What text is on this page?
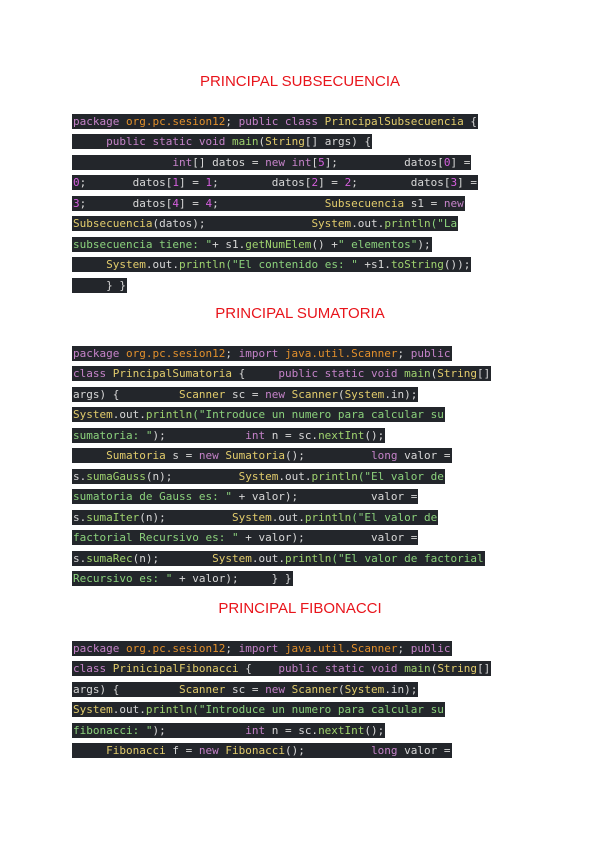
PRINCIPAL SUBSECUENCIA
package org.pc.sesion12; public class PrincipalSubsecuencia {
public static void main(String[] args) {
int[] datos = new int[5];          datos[0] =
0;       datos[1] = 1;        datos[2] = 2;        datos[3] =
3;       datos[4] = 4;                Subsecuencia s1 = new
Subsecuencia(datos);                System.out.println("La
subsecuencia tiene: "+ s1.getNumElem() +" elementos");
System.out.println("El contenido es: " +s1.toString());
} }
PRINCIPAL SUMATORIA
package org.pc.sesion12; import java.util.Scanner; public
class PrincipalSumatoria {     public static void main(String[]
args) {         Scanner sc = new Scanner(System.in);
System.out.println("Introduce un numero para calcular su
sumatoria: ");            int n = sc.nextInt();
Sumatoria s = new Sumatoria();          long valor =
s.sumaGauss(n);          System.out.println("El valor de
sumatoria de Gauss es: " + valor);           valor =
s.sumaIter(n);          System.out.println("El valor de
factorial Recursivo es: " + valor);          valor =
s.sumaRec(n);        System.out.println("El valor de factorial
Recursivo es: " + valor);     } }
PRINCIPAL FIBONACCI
package org.pc.sesion12; import java.util.Scanner; public
class PrinicipalFibonacci {    public static void main(String[]
args) {         Scanner sc = new Scanner(System.in);
System.out.println("Introduce un numero para calcular su
fibonacci: ");            int n = sc.nextInt();
Fibonacci f = new Fibonacci();          long valor =
